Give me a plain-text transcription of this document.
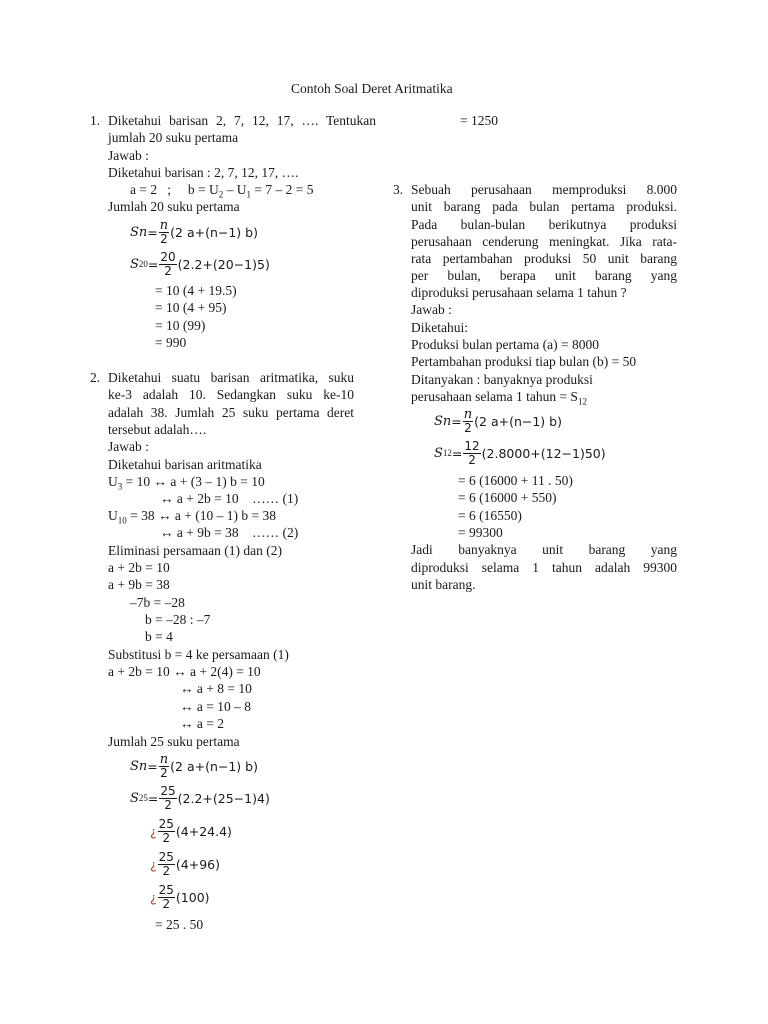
Contoh Soal Deret Aritmatika
1. Diketahui barisan 2, 7, 12, 17, …. Tentukan
jumlah 20 suku pertama
Jawab :
Diketahui barisan : 2, 7, 12, 17, ….
a = 2   ;     $b = U_2 - U_1 = 7 - 2 = 5$
Jumlah 20 suku pertama
S $n = \frac{n}{2} (2$ a+(n−1) b)
S $20 = \frac{20}{2} (2.2+(20-1)5)$
= 10 (4 + 19.5)
= 10 (4 + 95)
= 10 (99)
= 990
2. Diketahui suatu barisan aritmatika, suku
ke-3 adalah 10. Sedangkan suku ke-10
adalah 38. Jumlah 25 suku pertama deret
tersebut adalah….
Jawab :
Diketahui barisan aritmatika
$U_3 = 10$ ↔ a + (3 – 1) b = 10
↔ a + 2b = 10    …… (1)
$U_{10} = 38$ ↔ a + (10 – 1) b = 38
↔ a + 9b = 38    …… (2)
Eliminasi persamaan (1) dan (2)
a + 2b = 10
a + 9b = 38
–7b = –28
b = –28 : –7
b = 4
Substitusi b = 4 ke persamaan (1)
a + 2b = 10 ↔ a + 2(4) = 10
↔ a + 8 = 10
↔ a = 10 – 8
↔ a = 2
Jumlah 25 suku pertama
S $n = \frac{n}{2} (2$ a+(n−1) b)
S $25 = \frac{25}{2} (2.2+(25-1)4)$
¿ $\frac{25}{2} (4+24.4)$
¿ $\frac{25}{2} (4+96)$
¿ $\frac{25}{2} (100)$
= 25 . 50
= 1250
3. Sebuah perusahaan memproduksi 8.000
unit barang pada bulan pertama produksi.
Pada bulan-bulan berikutnya produksi
perusahaan cenderung meningkat. Jika rata-
rata pertambahan produksi 50 unit barang
per bulan, berapa unit barang yang
diproduksi perusahaan selama 1 tahun ?
Jawab :
Diketahui:
Produksi bulan pertama (a) = 8000
Pertambahan produksi tiap bulan (b) = 50
Ditanyakan : banyaknya produksi
perusahaan selama 1 tahun = $S_{12}$
S $n = \frac{n}{2} (2$ a+(n−1) b)
S $12 = \frac{12}{2} (2.8000+(12-1)50)$
= 6 (16000 + 11 . 50)
= 6 (16000 + 550)
= 6 (16550)
= 99300
Jadi banyaknya unit barang yang
diproduksi selama 1 tahun adalah 99300
unit barang.
